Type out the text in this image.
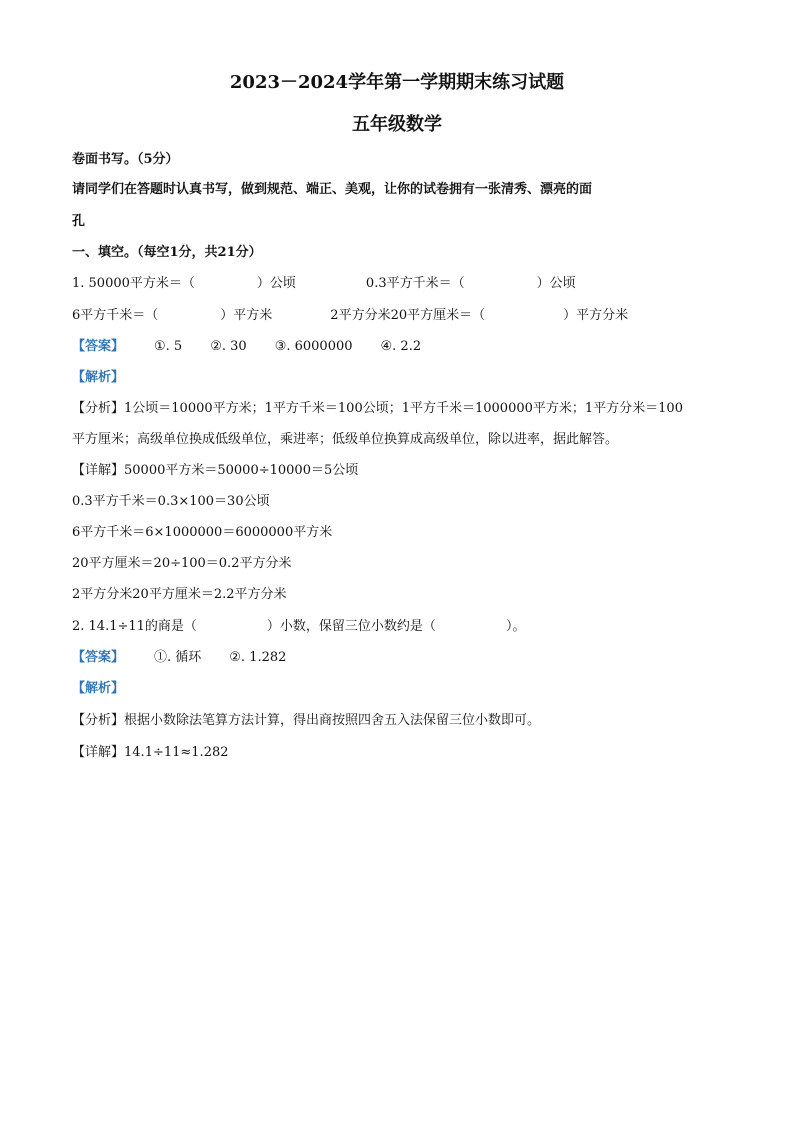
2023－2024学年第一学期期末练习试题
五年级数学
卷面书写。（5分）
请同学们在答题时认真书写，做到规范、端正、美观，让你的试卷拥有一张清秀、漂亮的面
孔
一、填空。（每空1分，共21分）
1. 50000平方米＝（	）公顷	0.3平方千米＝（	）公顷
6平方千米＝（	）平方米	2平方分米20平方厘米＝（	）平方分米
【答案】 ①. 5 ②. 30 ③. 6000000 ④. 2.2
【解析】
【分析】1公顷＝10000平方米；1平方千米＝100公顷；1平方千米＝1000000平方米；1平方分米＝100
平方厘米；高级单位换成低级单位，乘进率；低级单位换算成高级单位，除以进率，据此解答。
【详解】50000平方米＝50000÷10000＝5公顷
0.3平方千米＝0.3×100＝30公顷
6平方千米＝6×1000000＝6000000平方米
20平方厘米＝20÷100＝0.2平方分米
2平方分米20平方厘米＝2.2平方分米
2. 14.1÷11的商是（	）小数，保留三位小数约是（	）。
【答案】 ①. 循环 ②. 1.282
【解析】
【分析】根据小数除法笔算方法计算，得出商按照四舍五入法保留三位小数即可。
【详解】14.1÷11≈1.282
